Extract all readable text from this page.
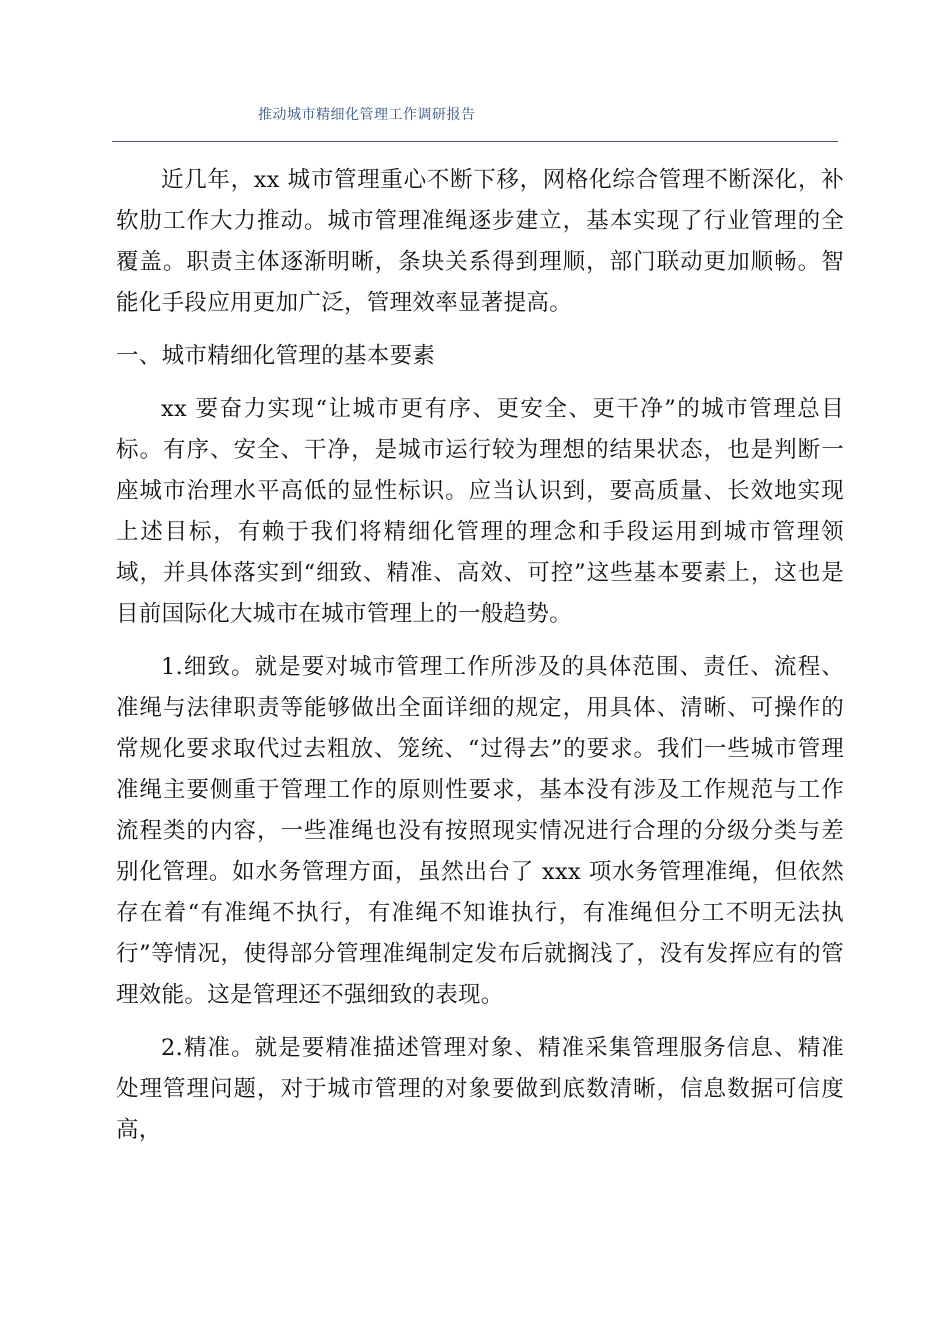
推动城市精细化管理工作调研报告

近几年，xx 城市管理重心不断下移，网格化综合管理不断深化，补软肋工作大力推动。城市管理准绳逐步建立，基本实现了行业管理的全覆盖。职责主体逐渐明晰，条块关系得到理顺，部门联动更加顺畅。智能化手段应用更加广泛，管理效率显著提高。

一、城市精细化管理的基本要素

xx 要奋力实现“让城市更有序、更安全、更干净”的城市管理总目标。有序、安全、干净，是城市运行较为理想的结果状态，也是判断一座城市治理水平高低的显性标识。应当认识到，要高质量、长效地实现上述目标，有赖于我们将精细化管理的理念和手段运用到城市管理领域，并具体落实到“细致、精准、高效、可控”这些基本要素上，这也是目前国际化大城市在城市管理上的一般趋势。

1.细致。就是要对城市管理工作所涉及的具体范围、责任、流程、准绳与法律职责等能够做出全面详细的规定，用具体、清晰、可操作的常规化要求取代过去粗放、笼统、“过得去”的要求。我们一些城市管理准绳主要侧重于管理工作的原则性要求，基本没有涉及工作规范与工作流程类的内容，一些准绳也没有按照现实情况进行合理的分级分类与差别化管理。如水务管理方面，虽然出台了 xxx 项水务管理准绳，但依然存在着“有准绳不执行，有准绳不知谁执行，有准绳但分工不明无法执行”等情况，使得部分管理准绳制定发布后就搁浅了，没有发挥应有的管理效能。这是管理还不强细致的表现。

2.精准。就是要精准描述管理对象、精准采集管理服务信息、精准处理管理问题，对于城市管理的对象要做到底数清晰，信息数据可信度高，
